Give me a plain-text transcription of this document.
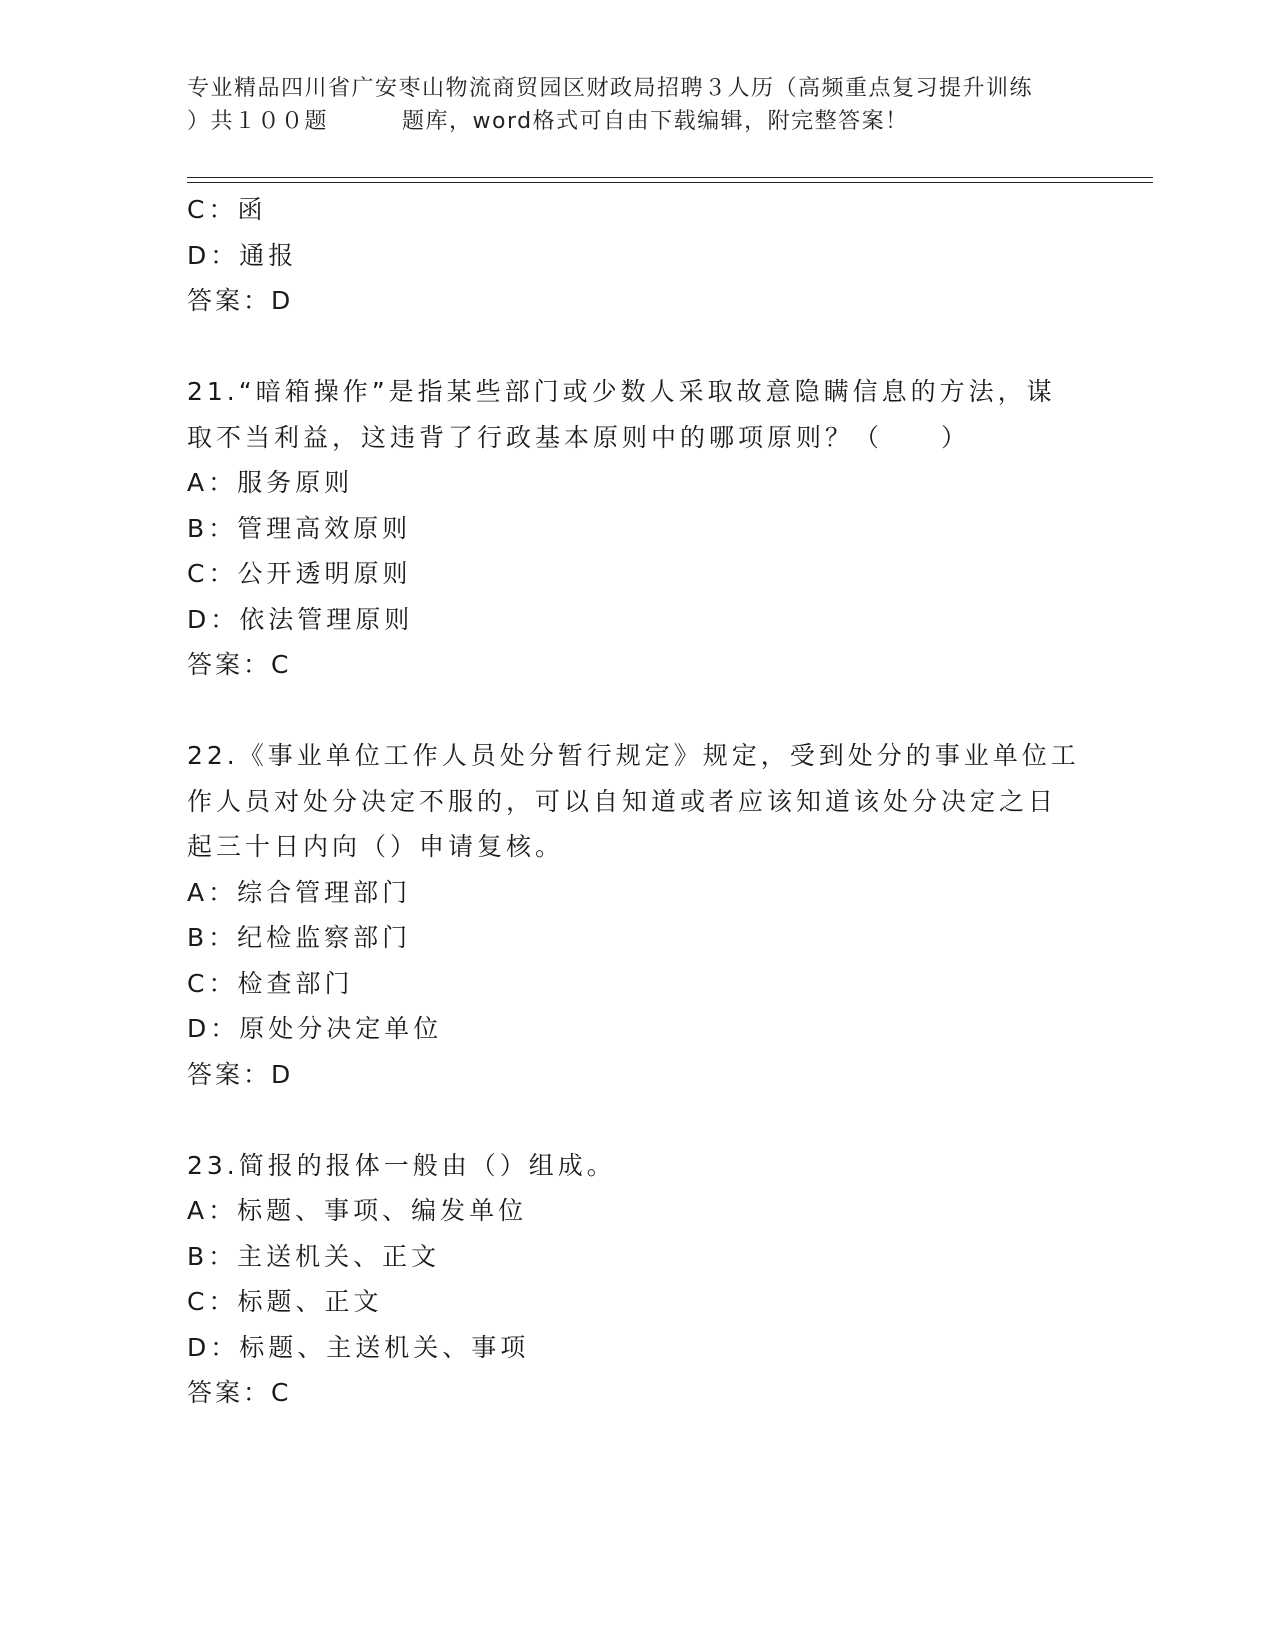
专业精品四川省广安枣山物流商贸园区财政局招聘３人历（高频重点复习提升训练
）共１００题	题库，word格式可自由下载编辑，附完整答案！
C：函
D：通报
答案：D
21.“暗箱操作”是指某些部门或少数人采取故意隐瞒信息的方法，谋
取不当利益，这违背了行政基本原则中的哪项原则？（　　）
A：服务原则
B：管理高效原则
C：公开透明原则
D：依法管理原则
答案：C
22.《事业单位工作人员处分暂行规定》规定，受到处分的事业单位工
作人员对处分决定不服的，可以自知道或者应该知道该处分决定之日
起三十日内向（）申请复核。
A：综合管理部门
B：纪检监察部门
C：检查部门
D：原处分决定单位
答案：D
23.简报的报体一般由（）组成。
A：标题、事项、编发单位
B：主送机关、正文
C：标题、正文
D：标题、主送机关、事项
答案：C
